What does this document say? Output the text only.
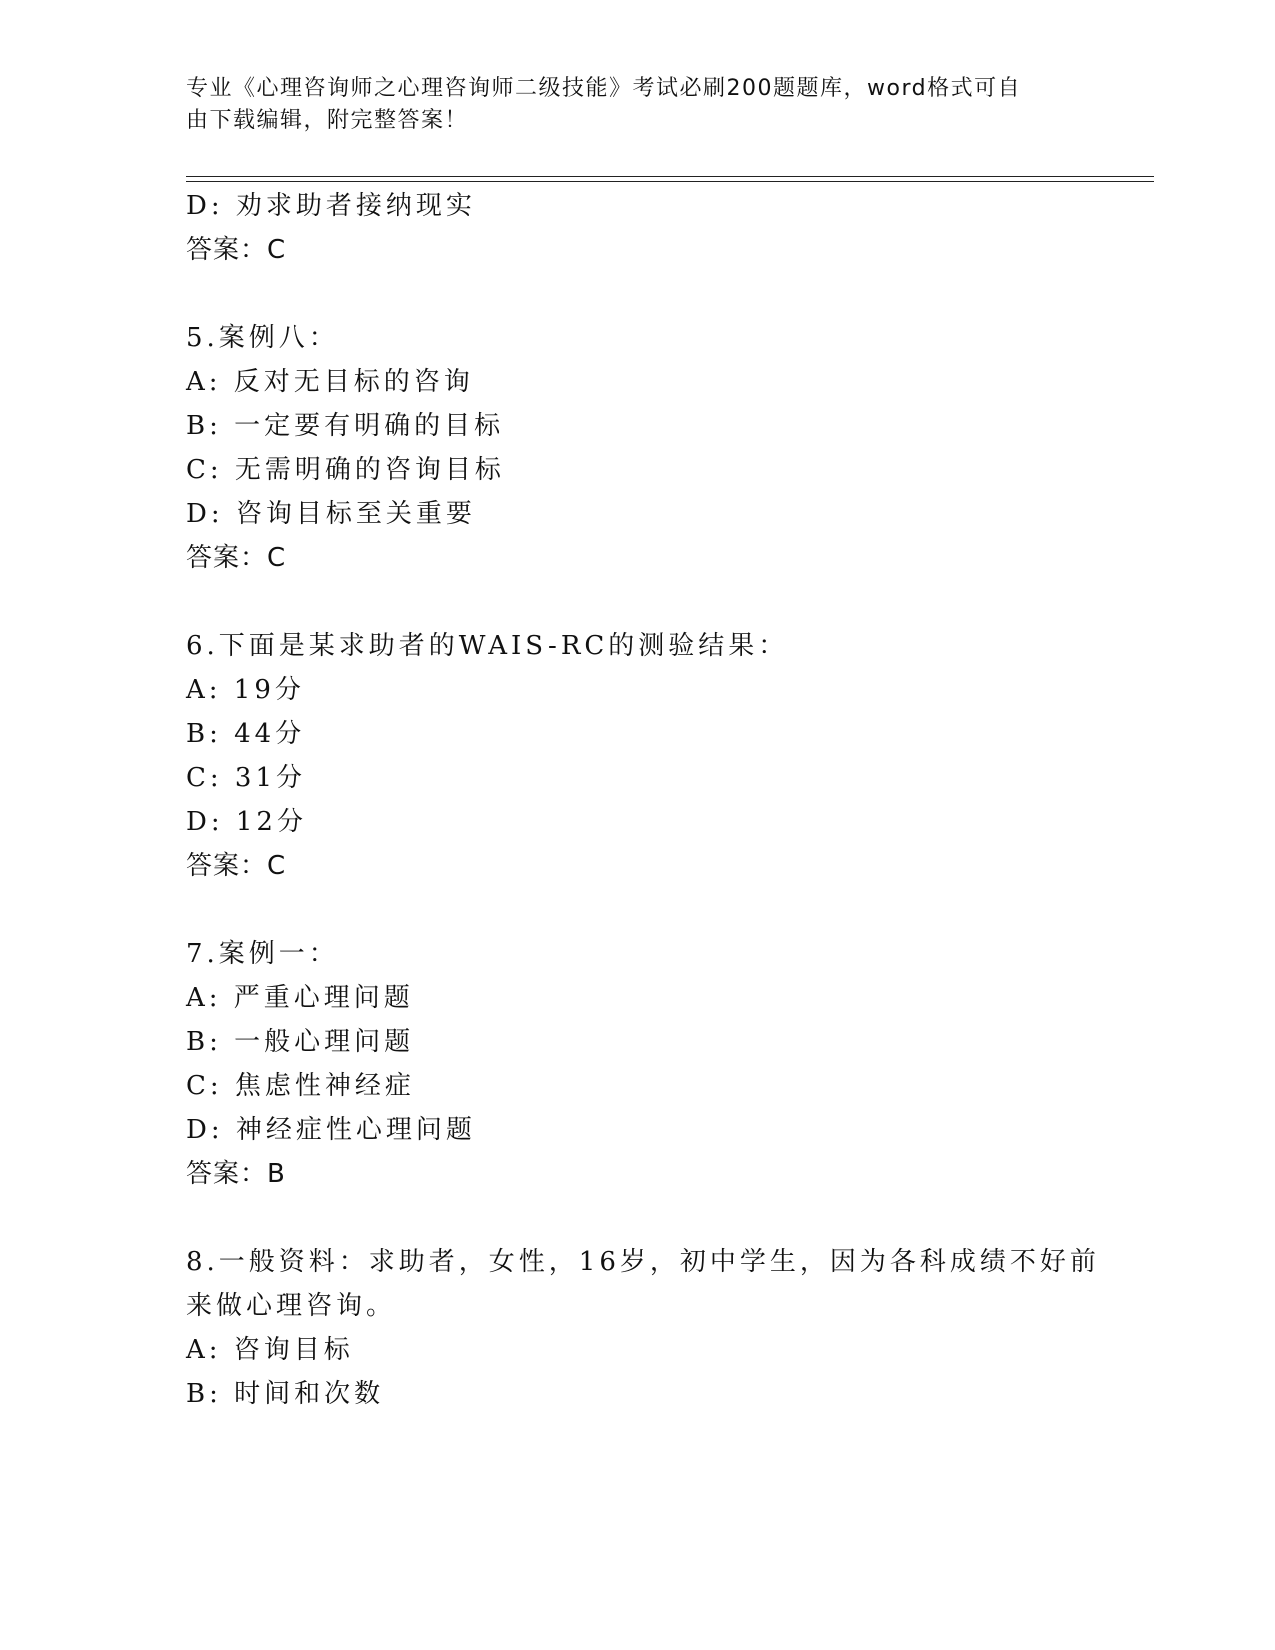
专业《心理咨询师之心理咨询师二级技能》考试必刷200题题库，word格式可自
由下载编辑，附完整答案！
D: 劝求助者接纳现实
答案：C
5.案例八：
A: 反对无目标的咨询
B: 一定要有明确的目标
C: 无需明确的咨询目标
D: 咨询目标至关重要
答案：C
6.下面是某求助者的WAIS-RC的测验结果：
A: 19分
B: 44分
C: 31分
D: 12分
答案：C
7.案例一：
A: 严重心理问题
B: 一般心理问题
C: 焦虑性神经症
D: 神经症性心理问题
答案：B
8.一般资料：求助者，女性，16岁，初中学生，因为各科成绩不好前
来做心理咨询。
A: 咨询目标
B: 时间和次数
